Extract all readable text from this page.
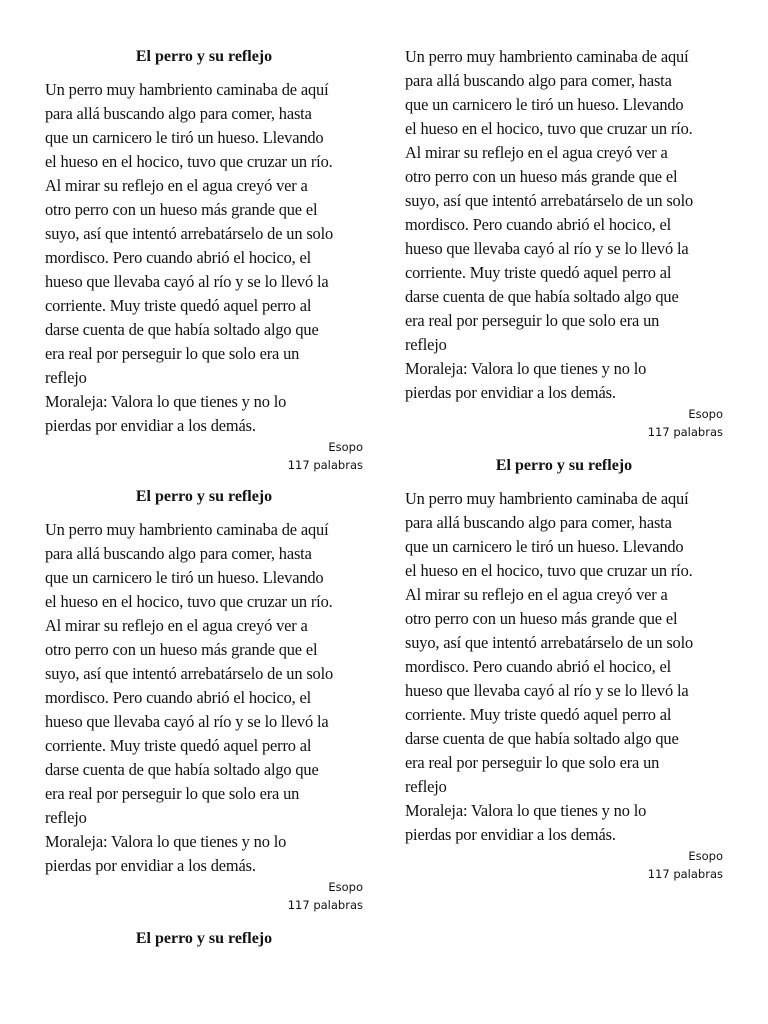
El perro y su reflejo
Un perro muy hambriento caminaba de aquí
para allá buscando algo para comer, hasta
que un carnicero le tiró un hueso. Llevando
el hueso en el hocico, tuvo que cruzar un río.
Al mirar su reflejo en el agua creyó ver a
otro perro con un hueso más grande que el
suyo, así que intentó arrebatárselo de un solo
mordisco. Pero cuando abrió el hocico, el
hueso que llevaba cayó al río y se lo llevó la
corriente. Muy triste quedó aquel perro al
darse cuenta de que había soltado algo que
era real por perseguir lo que solo era un
reflejo
Moraleja: Valora lo que tienes y no lo
pierdas por envidiar a los demás.
Esopo
117 palabras
El perro y su reflejo
Un perro muy hambriento caminaba de aquí
para allá buscando algo para comer, hasta
que un carnicero le tiró un hueso. Llevando
el hueso en el hocico, tuvo que cruzar un río.
Al mirar su reflejo en el agua creyó ver a
otro perro con un hueso más grande que el
suyo, así que intentó arrebatárselo de un solo
mordisco. Pero cuando abrió el hocico, el
hueso que llevaba cayó al río y se lo llevó la
corriente. Muy triste quedó aquel perro al
darse cuenta de que había soltado algo que
era real por perseguir lo que solo era un
reflejo
Moraleja: Valora lo que tienes y no lo
pierdas por envidiar a los demás.
Esopo
117 palabras
El perro y su reflejo
Un perro muy hambriento caminaba de aquí
para allá buscando algo para comer, hasta
que un carnicero le tiró un hueso. Llevando
el hueso en el hocico, tuvo que cruzar un río.
Al mirar su reflejo en el agua creyó ver a
otro perro con un hueso más grande que el
suyo, así que intentó arrebatárselo de un solo
mordisco. Pero cuando abrió el hocico, el
hueso que llevaba cayó al río y se lo llevó la
corriente. Muy triste quedó aquel perro al
darse cuenta de que había soltado algo que
era real por perseguir lo que solo era un
reflejo
Moraleja: Valora lo que tienes y no lo
pierdas por envidiar a los demás.
Esopo
117 palabras
El perro y su reflejo
Un perro muy hambriento caminaba de aquí
para allá buscando algo para comer, hasta
que un carnicero le tiró un hueso. Llevando
el hueso en el hocico, tuvo que cruzar un río.
Al mirar su reflejo en el agua creyó ver a
otro perro con un hueso más grande que el
suyo, así que intentó arrebatárselo de un solo
mordisco. Pero cuando abrió el hocico, el
hueso que llevaba cayó al río y se lo llevó la
corriente. Muy triste quedó aquel perro al
darse cuenta de que había soltado algo que
era real por perseguir lo que solo era un
reflejo
Moraleja: Valora lo que tienes y no lo
pierdas por envidiar a los demás.
Esopo
117 palabras
